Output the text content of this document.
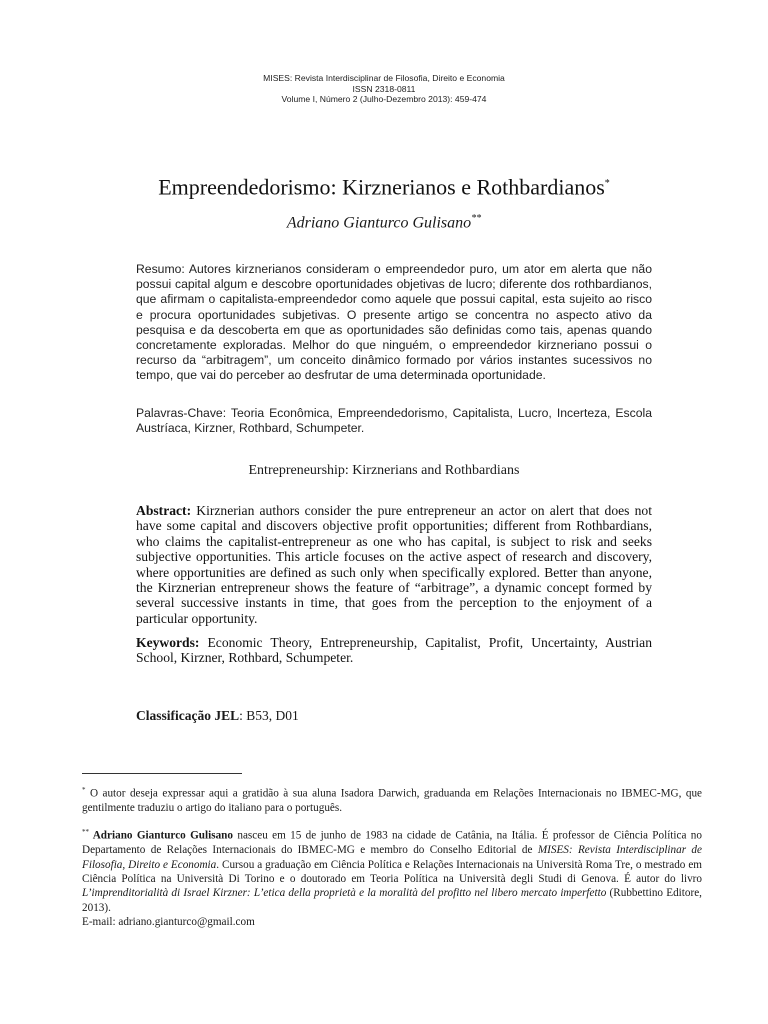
MISES: Revista Interdisciplinar de Filosofia, Direito e Economia
ISSN 2318-0811
Volume I, Número 2 (Julho-Dezembro 2013): 459-474
Empreendedorismo: Kirznerianos e Rothbardianos*
Adriano Gianturco Gulisano**
Resumo: Autores kirznerianos consideram o empreendedor puro, um ator em alerta que não possui capital algum e descobre oportunidades objetivas de lucro; diferente dos rothbardianos, que afirmam o capitalista-empreendedor como aquele que possui capital, esta sujeito ao risco e procura oportunidades subjetivas. O presente artigo se concentra no aspecto ativo da pesquisa e da descoberta em que as oportunidades são definidas como tais, apenas quando concretamente exploradas. Melhor do que ninguém, o empreendedor kirzneriano possui o recurso da “arbitragem”, um conceito dinâmico formado por vários instantes sucessivos no tempo, que vai do perceber ao desfrutar de uma determinada oportunidade.
Palavras-Chave: Teoria Econômica, Empreendedorismo, Capitalista, Lucro, Incerteza, Escola Austríaca, Kirzner, Rothbard, Schumpeter.
Entrepreneurship: Kirznerians and Rothbardians
Abstract: Kirznerian authors consider the pure entrepreneur an actor on alert that does not have some capital and discovers objective profit opportunities; different from Rothbardians, who claims the capitalist-entrepreneur as one who has capital, is subject to risk and seeks subjective opportunities. This article focuses on the active aspect of research and discovery, where opportunities are defined as such only when specifically explored. Better than anyone, the Kirznerian entrepreneur shows the feature of “arbitrage”, a dynamic concept formed by several successive instants in time, that goes from the perception to the enjoyment of a particular opportunity.
Keywords: Economic Theory, Entrepreneurship, Capitalist, Profit, Uncertainty, Austrian School, Kirzner, Rothbard, Schumpeter.
Classificação JEL: B53, D01
* O autor deseja expressar aqui a gratidão à sua aluna Isadora Darwich, graduanda em Relações Internacionais no IBMEC-MG, que gentilmente traduziu o artigo do italiano para o português.
** Adriano Gianturco Gulisano nasceu em 15 de junho de 1983 na cidade de Catânia, na Itália. É professor de Ciência Política no Departamento de Relações Internacionais do IBMEC-MG e membro do Conselho Editorial de MISES: Revista Interdisciplinar de Filosofia, Direito e Economia. Cursou a graduação em Ciência Política e Relações Internacionais na Università Roma Tre, o mestrado em Ciência Política na Università Di Torino e o doutorado em Teoria Política na Università degli Studi di Genova. É autor do livro L’imprenditorialità di Israel Kirzner: L’etica della proprietà e la moralità del profitto nel libero mercato imperfetto (Rubbettino Editore, 2013).
E-mail: adriano.gianturco@gmail.com
